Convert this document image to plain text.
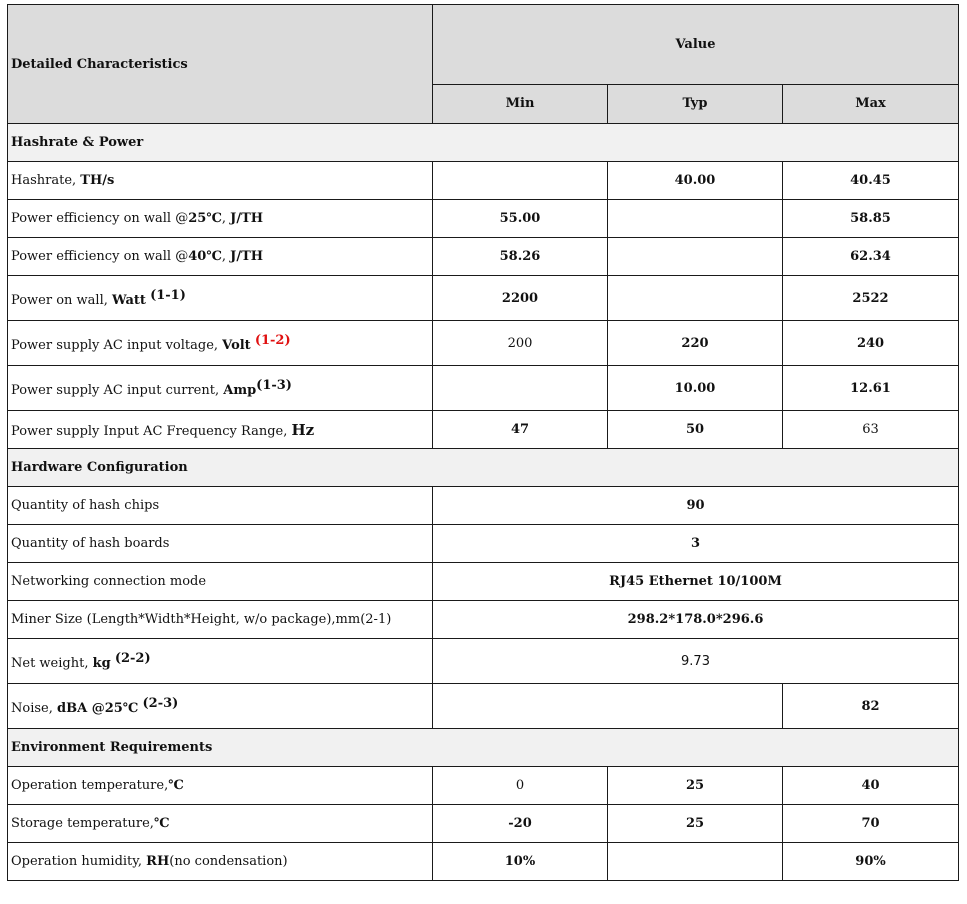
Detailed Characteristics	Value		
	Min	Typ	Max
Hashrate & Power			
Hashrate, TH/s		40.00	40.45
Power efficiency on wall @25℃, J/TH	55.00		58.85
Power efficiency on wall @40℃, J/TH	58.26		62.34
Power on wall, Watt $^{(1-1)}$	2200		2522
Power supply AC input voltage, Volt $^{(1-2)}$	200	220	240
Power supply AC input current, Amp$^{(1-3)}$		10.00	12.61
Power supply Input AC Frequency Range, Hz	47	50	63
Hardware Configuration			
Quantity of hash chips	90		
Quantity of hash boards	3		
Networking connection mode	RJ45 Ethernet 10/100M		
Miner Size (Length*Width*Height, w/o package),mm(2-1)	298.2*178.0*296.6		
Net weight, kg $^{(2-2)}$	9.73		
Noise, dBA @25℃ $^{(2-3)}$			82
Environment Requirements			
Operation temperature,℃	0	25	40
Storage temperature,℃	-20	25	70
Operation humidity, RH(no condensation)	10%		90%
